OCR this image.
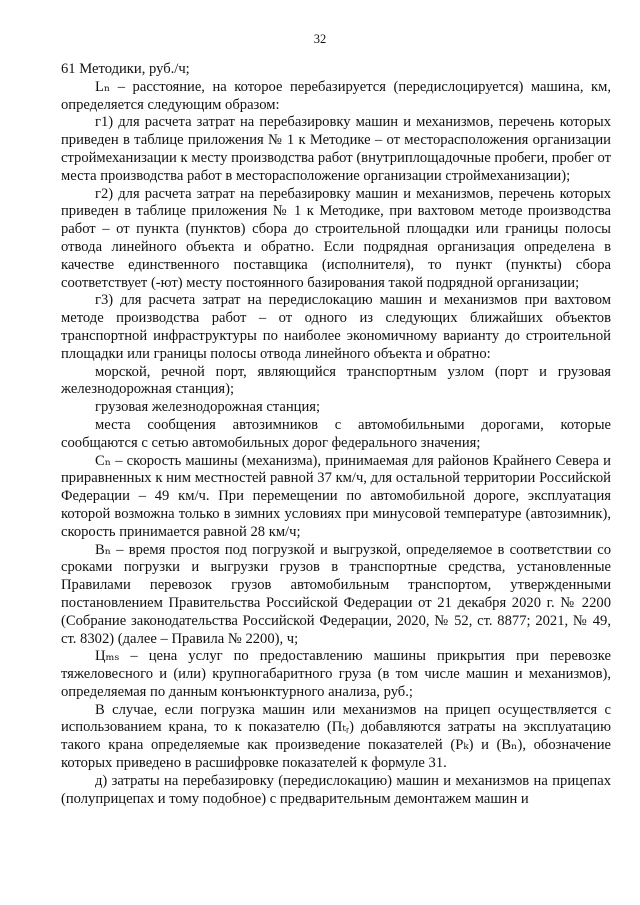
32

61 Методики, руб./ч;

Lₙ – расстояние, на которое перебазируется (передислоцируется) машина, км, определяется следующим образом:

г1) для расчета затрат на перебазировку машин и механизмов, перечень которых приведен в таблице приложения № 1 к Методике – от месторасположения организации строймеханизации к месту производства работ (внутриплощадочные пробеги, пробег от места производства работ в месторасположение организации строймеханизации);

г2) для расчета затрат на перебазировку машин и механизмов, перечень которых приведен в таблице приложения № 1 к Методике, при вахтовом методе производства работ – от пункта (пунктов) сбора до строительной площадки или границы полосы отвода линейного объекта и обратно. Если подрядная организация определена в качестве единственного поставщика (исполнителя), то пункт (пункты) сбора соответствует (-ют) месту постоянного базирования такой подрядной организации;

г3) для расчета затрат на передислокацию машин и механизмов при вахтовом методе производства работ – от одного из следующих ближайших объектов транспортной инфраструктуры по наиболее экономичному варианту до строительной площадки или границы полосы отвода линейного объекта и обратно:

морской, речной порт, являющийся транспортным узлом (порт и грузовая железнодорожная станция);

грузовая железнодорожная станция;

места сообщения автозимников с автомобильными дорогами, которые сообщаются с сетью автомобильных дорог федерального значения;

Сₙ – скорость машины (механизма), принимаемая для районов Крайнего Севера и приравненных к ним местностей равной 37 км/ч, для остальной территории Российской Федерации – 49 км/ч. При перемещении по автомобильной дороге, эксплуатация которой возможна только в зимних условиях при минусовой температуре (автозимник), скорость принимается равной 28 км/ч;

Вₙ – время простоя под погрузкой и выгрузкой, определяемое в соответствии со сроками погрузки и выгрузки грузов в транспортные средства, установленные Правилами перевозок грузов автомобильным транспортом, утвержденными постановлением Правительства Российской Федерации от 21 декабря 2020 г. № 2200 (Собрание законодательства Российской Федерации, 2020, № 52, ст. 8877; 2021, № 49, ст. 8302) (далее – Правила № 2200), ч;

Цₘₛ – цена услуг по предоставлению машины прикрытия при перевозке тяжеловесного и (или) крупногабаритного груза (в том числе машин и механизмов), определяемая по данным конъюнктурного анализа, руб.;

В случае, если погрузка машин или механизмов на прицеп осуществляется с использованием крана, то к показателю (Пₜᵣ) добавляются затраты на эксплуатацию такого крана определяемые как произведение показателей (Рₖ) и (Вₙ), обозначение которых приведено в расшифровке показателей к формуле 31.

д) затраты на перебазировку (передислокацию) машин и механизмов на прицепах (полуприцепах и тому подобное) с предварительным демонтажем машин и
